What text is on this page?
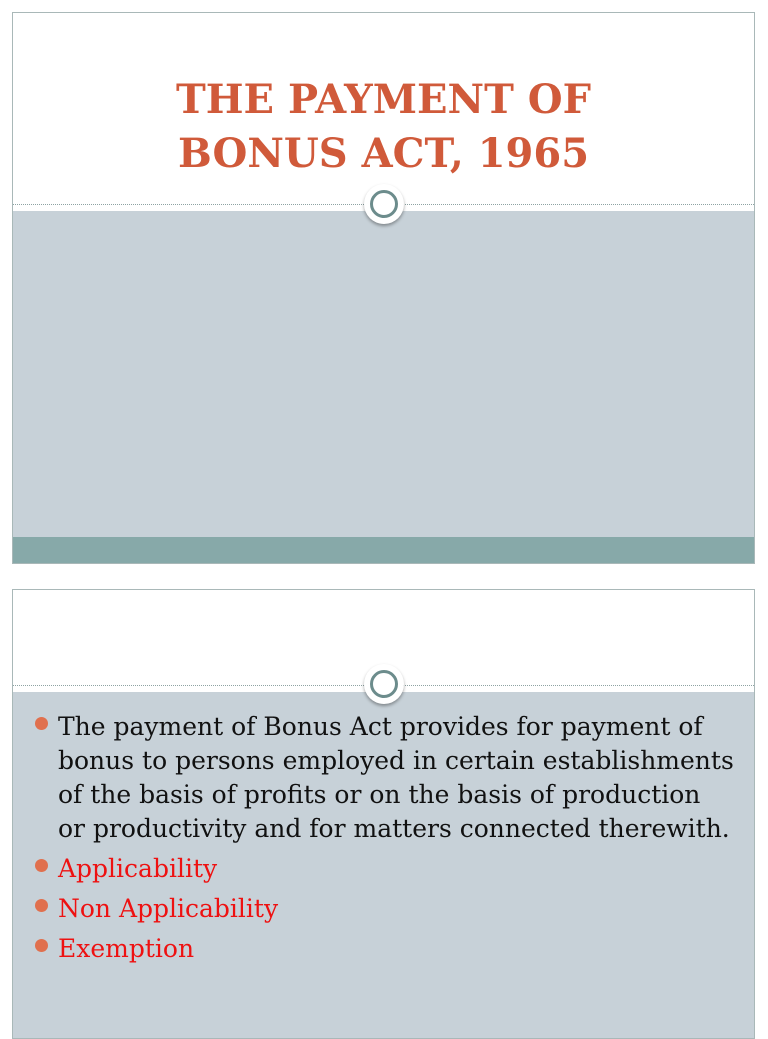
THE PAYMENT OF
BONUS ACT, 1965
The payment of Bonus Act provides for payment of bonus to persons employed in certain establishments of the basis of profits or on the basis of production or productivity and for matters connected therewith.
Applicability
Non Applicability
Exemption
